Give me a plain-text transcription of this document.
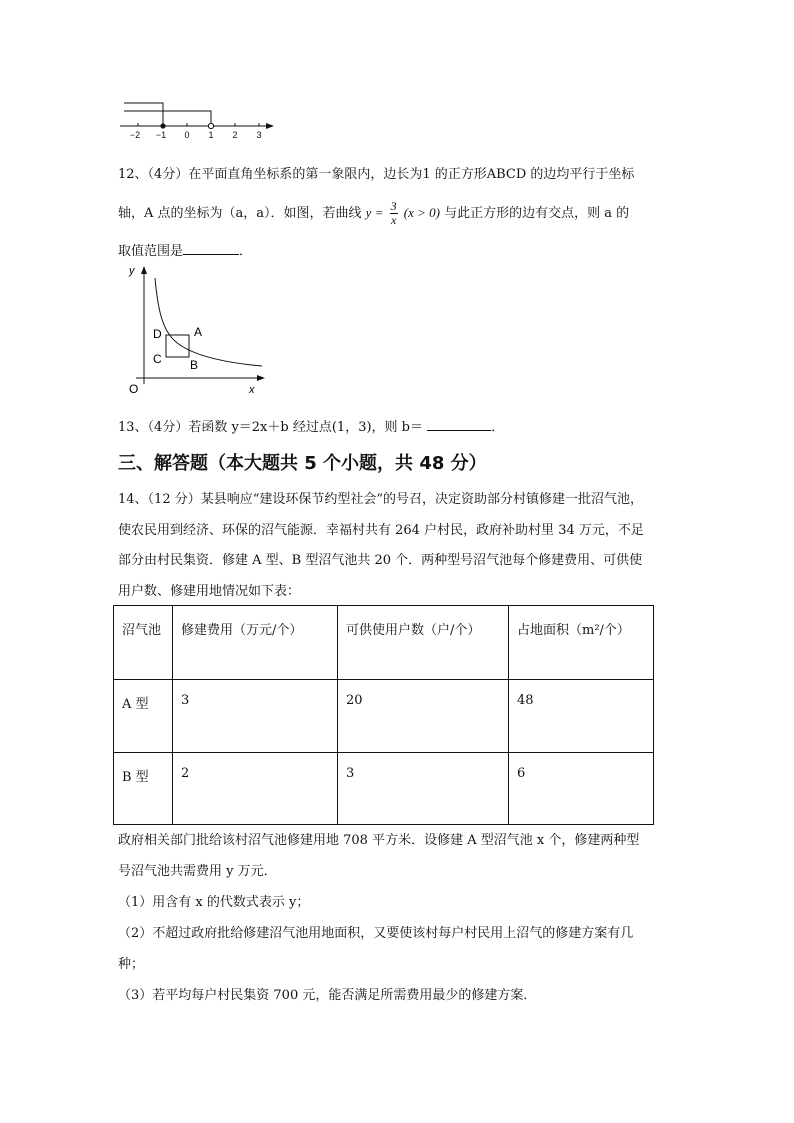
−2 −1 0 1 2 3
12、（4分）在平面直角坐标系的第一象限内，边长为1 的正方形ABCD 的边均平行于坐标
轴，A 点的坐标为（a，a）．如图，若曲线 $y = \frac{3}{x} (x > 0)$ 与此正方形的边有交点，则 a 的
取值范围是	．
y
x
O
D	A
C B
13、（4分）若函数 y＝2x＋b 经过点(1，3)，则 b＝	．
三、解答题（本大题共 5 个小题，共 48 分）
14、（12 分）某县响应“建设环保节约型社会”的号召，决定资助部分村镇修建一批沼气池，
使农民用到经济、环保的沼气能源．幸福村共有 264 户村民，政府补助村里 34 万元，不足
部分由村民集资．修建 A 型、B 型沼气池共 20 个．两种型号沼气池每个修建费用、可供使
用户数、修建用地情况如下表：
沼气池	修建费用（万元/个）	可供使用户数（户/个）	占地面积（m²/个）
A 型	3	20	48
B 型	2	3	6
政府相关部门批给该村沼气池修建用地 708 平方米．设修建 A 型沼气池 x 个，修建两种型
号沼气池共需费用 y 万元．
（1）用含有 x 的代数式表示 y；
（2）不超过政府批给修建沼气池用地面积，又要使该村每户村民用上沼气的修建方案有几
种；
（3）若平均每户村民集资 700 元，能否满足所需费用最少的修建方案．
